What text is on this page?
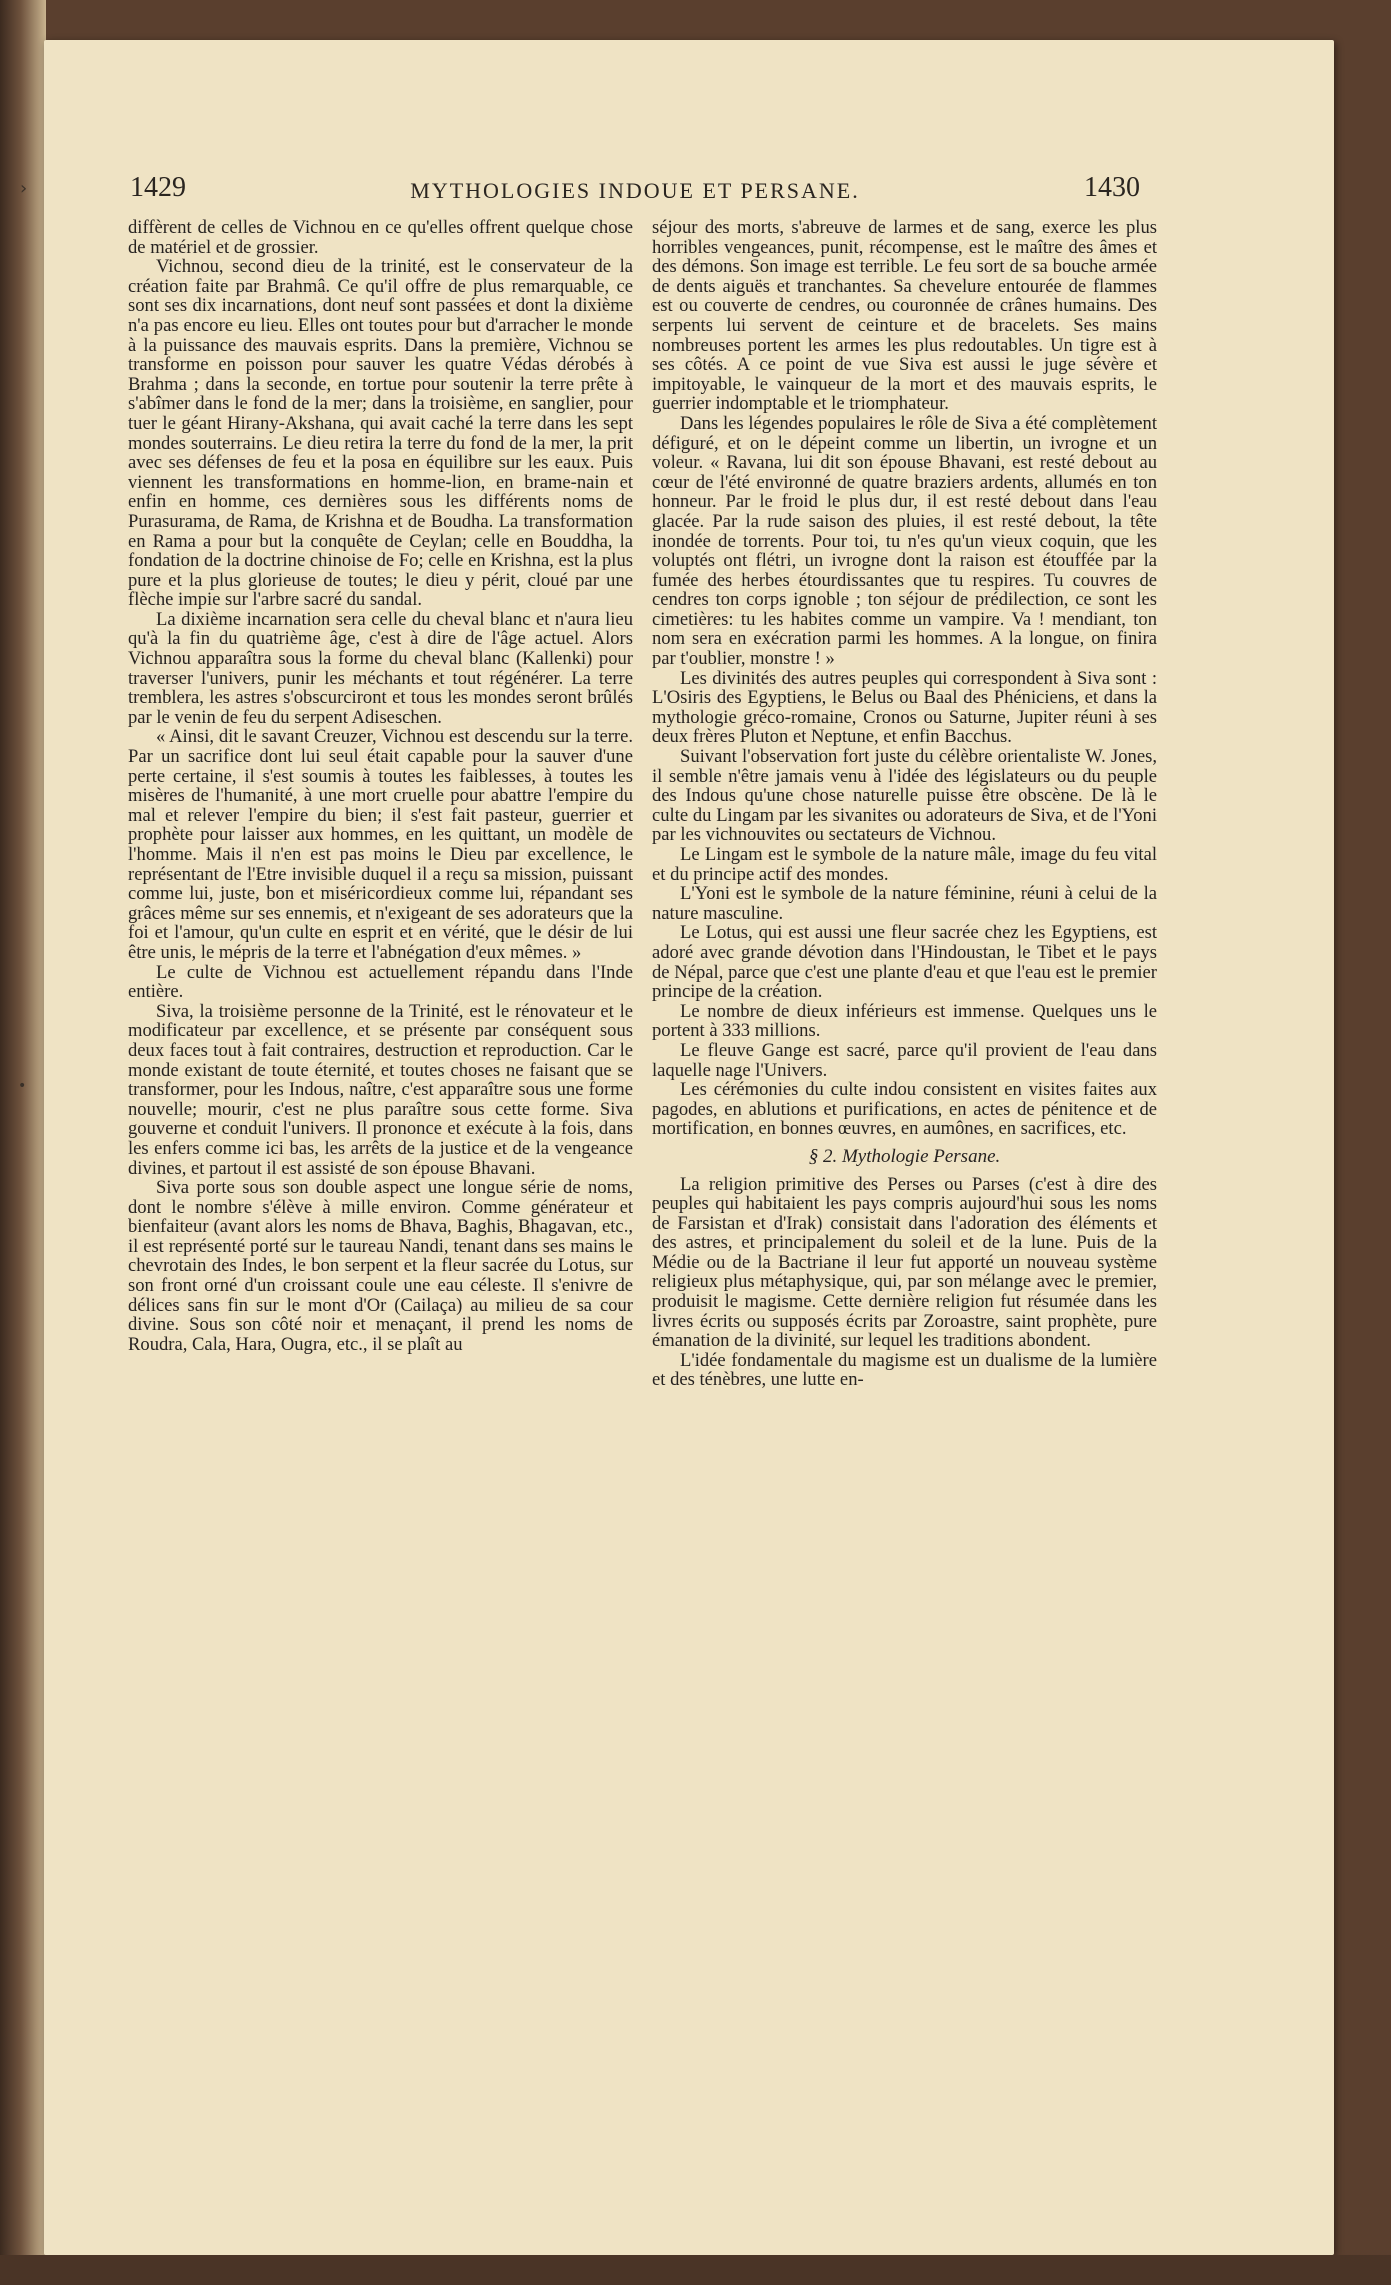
›
•
1429	MYTHOLOGIES INDOUE ET PERSANE.	1430

diffèrent de celles de Vichnou en ce qu'elles offrent quelque chose de matériel et de grossier.

Vichnou, second dieu de la trinité, est le conservateur de la création faite par Brahmâ. Ce qu'il offre de plus remarquable, ce sont ses dix incarnations, dont neuf sont passées et dont la dixième n'a pas encore eu lieu. Elles ont toutes pour but d'arracher le monde à la puissance des mauvais esprits. Dans la première, Vichnou se transforme en poisson pour sauver les quatre Védas dérobés à Brahma ; dans la seconde, en tortue pour soutenir la terre prête à s'abîmer dans le fond de la mer; dans la troisième, en sanglier, pour tuer le géant Hirany-Akshana, qui avait caché la terre dans les sept mondes souterrains. Le dieu retira la terre du fond de la mer, la prit avec ses défenses de feu et la posa en équilibre sur les eaux. Puis viennent les transformations en homme-lion, en brame-nain et enfin en homme, ces dernières sous les différents noms de Purasurama, de Rama, de Krishna et de Boudha. La transformation en Rama a pour but la conquête de Ceylan; celle en Bouddha, la fondation de la doctrine chinoise de Fo; celle en Krishna, est la plus pure et la plus glorieuse de toutes; le dieu y périt, cloué par une flèche impie sur l'arbre sacré du sandal.

La dixième incarnation sera celle du cheval blanc et n'aura lieu qu'à la fin du quatrième âge, c'est à dire de l'âge actuel. Alors Vichnou apparaîtra sous la forme du cheval blanc (Kallenki) pour traverser l'univers, punir les méchants et tout régénérer. La terre tremblera, les astres s'obscurciront et tous les mondes seront brûlés par le venin de feu du serpent Adiseschen.

« Ainsi, dit le savant Creuzer, Vichnou est descendu sur la terre. Par un sacrifice dont lui seul était capable pour la sauver d'une perte certaine, il s'est soumis à toutes les faiblesses, à toutes les misères de l'humanité, à une mort cruelle pour abattre l'empire du mal et relever l'empire du bien; il s'est fait pasteur, guerrier et prophète pour laisser aux hommes, en les quittant, un modèle de l'homme. Mais il n'en est pas moins le Dieu par excellence, le représentant de l'Etre invisible duquel il a reçu sa mission, puissant comme lui, juste, bon et miséricordieux comme lui, répandant ses grâces même sur ses ennemis, et n'exigeant de ses adorateurs que la foi et l'amour, qu'un culte en esprit et en vérité, que le désir de lui être unis, le mépris de la terre et l'abnégation d'eux mêmes. »

Le culte de Vichnou est actuellement répandu dans l'Inde entière.

Siva, la troisième personne de la Trinité, est le rénovateur et le modificateur par excellence, et se présente par conséquent sous deux faces tout à fait contraires, destruction et reproduction. Car le monde existant de toute éternité, et toutes choses ne faisant que se transformer, pour les Indous, naître, c'est apparaître sous une forme nouvelle; mourir, c'est ne plus paraître sous cette forme. Siva gouverne et conduit l'univers. Il prononce et exécute à la fois, dans les enfers comme ici bas, les arrêts de la justice et de la vengeance divines, et partout il est assisté de son épouse Bhavani.

Siva porte sous son double aspect une longue série de noms, dont le nombre s'élève à mille environ. Comme générateur et bienfaiteur (avant alors les noms de Bhava, Baghis, Bhagavan, etc., il est représenté porté sur le taureau Nandi, tenant dans ses mains le chevrotain des Indes, le bon serpent et la fleur sacrée du Lotus, sur son front orné d'un croissant coule une eau céleste. Il s'enivre de délices sans fin sur le mont d'Or (Cailaça) au milieu de sa cour divine. Sous son côté noir et menaçant, il prend les noms de Roudra, Cala, Hara, Ougra, etc., il se plaît au

séjour des morts, s'abreuve de larmes et de sang, exerce les plus horribles vengeances, punit, récompense, est le maître des âmes et des démons. Son image est terrible. Le feu sort de sa bouche armée de dents aiguës et tranchantes. Sa chevelure entourée de flammes est ou couverte de cendres, ou couronnée de crânes humains. Des serpents lui servent de ceinture et de bracelets. Ses mains nombreuses portent les armes les plus redoutables. Un tigre est à ses côtés. A ce point de vue Siva est aussi le juge sévère et impitoyable, le vainqueur de la mort et des mauvais esprits, le guerrier indomptable et le triomphateur.

Dans les légendes populaires le rôle de Siva a été complètement défiguré, et on le dépeint comme un libertin, un ivrogne et un voleur. « Ravana, lui dit son épouse Bhavani, est resté debout au cœur de l'été environné de quatre braziers ardents, allumés en ton honneur. Par le froid le plus dur, il est resté debout dans l'eau glacée. Par la rude saison des pluies, il est resté debout, la tête inondée de torrents. Pour toi, tu n'es qu'un vieux coquin, que les voluptés ont flétri, un ivrogne dont la raison est étouffée par la fumée des herbes étourdissantes que tu respires. Tu couvres de cendres ton corps ignoble ; ton séjour de prédilection, ce sont les cimetières: tu les habites comme un vampire. Va ! mendiant, ton nom sera en exécration parmi les hommes. A la longue, on finira par t'oublier, monstre ! »

Les divinités des autres peuples qui correspondent à Siva sont : L'Osiris des Egyptiens, le Belus ou Baal des Phéniciens, et dans la mythologie gréco-romaine, Cronos ou Saturne, Jupiter réuni à ses deux frères Pluton et Neptune, et enfin Bacchus.

Suivant l'observation fort juste du célèbre orientaliste W. Jones, il semble n'être jamais venu à l'idée des législateurs ou du peuple des Indous qu'une chose naturelle puisse être obscène. De là le culte du Lingam par les sivanites ou adorateurs de Siva, et de l'Yoni par les vichnouvites ou sectateurs de Vichnou.

Le Lingam est le symbole de la nature mâle, image du feu vital et du principe actif des mondes.

L'Yoni est le symbole de la nature féminine, réuni à celui de la nature masculine.

Le Lotus, qui est aussi une fleur sacrée chez les Egyptiens, est adoré avec grande dévotion dans l'Hindoustan, le Tibet et le pays de Népal, parce que c'est une plante d'eau et que l'eau est le premier principe de la création.

Le nombre de dieux inférieurs est immense. Quelques uns le portent à 333 millions.

Le fleuve Gange est sacré, parce qu'il provient de l'eau dans laquelle nage l'Univers.

Les cérémonies du culte indou consistent en visites faites aux pagodes, en ablutions et purifications, en actes de pénitence et de mortification, en bonnes œuvres, en aumônes, en sacrifices, etc.

§ 2. Mythologie Persane.

La religion primitive des Perses ou Parses (c'est à dire des peuples qui habitaient les pays compris aujourd'hui sous les noms de Farsistan et d'Irak) consistait dans l'adoration des éléments et des astres, et principalement du soleil et de la lune. Puis de la Médie ou de la Bactriane il leur fut apporté un nouveau système religieux plus métaphysique, qui, par son mélange avec le premier, produisit le magisme. Cette dernière religion fut résumée dans les livres écrits ou supposés écrits par Zoroastre, saint prophète, pure émanation de la divinité, sur lequel les traditions abondent.

L'idée fondamentale du magisme est un dualisme de la lumière et des ténèbres, une lutte en-
